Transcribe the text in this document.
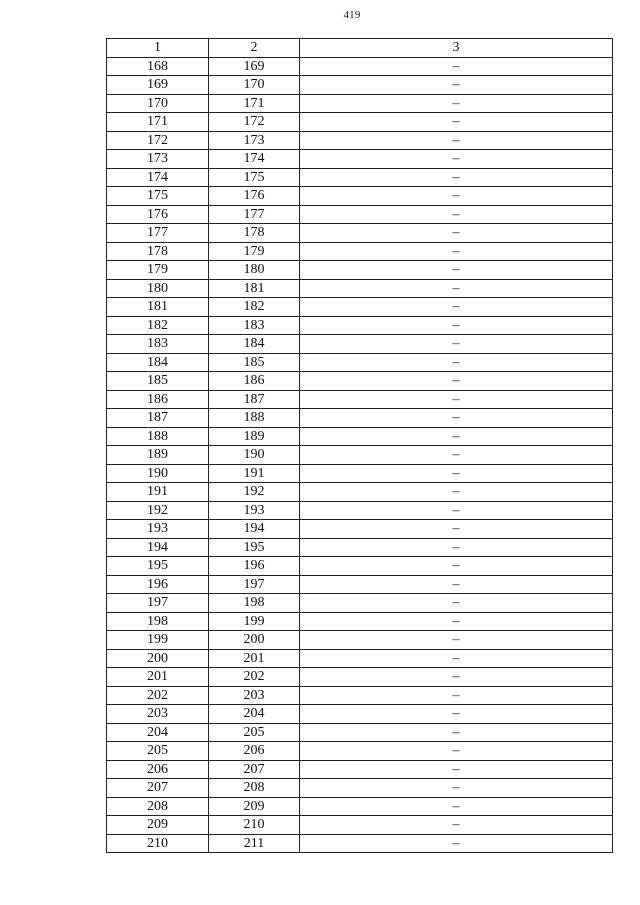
419
1	2	3
168	169	–
169	170	–
170	171	–
171	172	–
172	173	–
173	174	–
174	175	–
175	176	–
176	177	–
177	178	–
178	179	–
179	180	–
180	181	–
181	182	–
182	183	–
183	184	–
184	185	–
185	186	–
186	187	–
187	188	–
188	189	–
189	190	–
190	191	–
191	192	–
192	193	–
193	194	–
194	195	–
195	196	–
196	197	–
197	198	–
198	199	–
199	200	–
200	201	–
201	202	–
202	203	–
203	204	–
204	205	–
205	206	–
206	207	–
207	208	–
208	209	–
209	210	–
210	211	–
